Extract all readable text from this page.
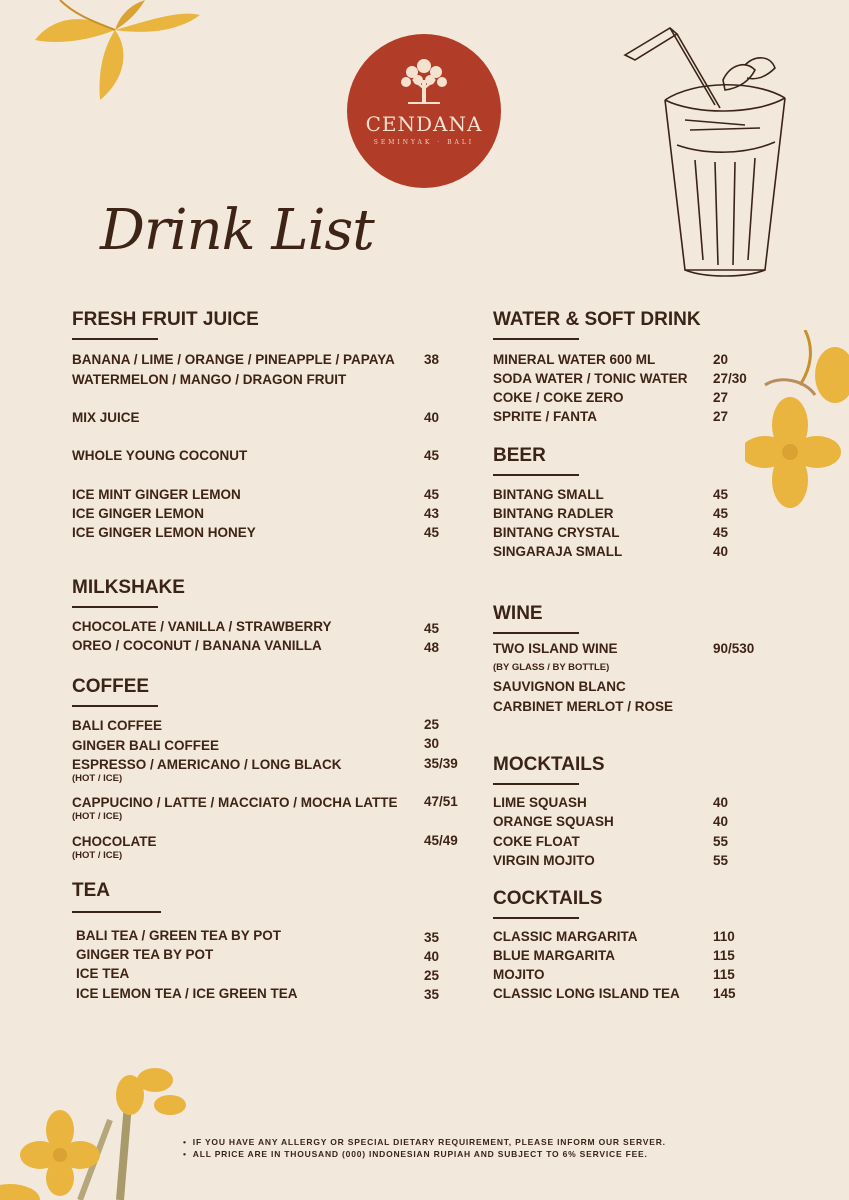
CENDANA
SEMINYAK · BALI
Drink List
FRESH FRUIT JUICE
BANANA / LIME / ORANGE / PINEAPPLE / PAPAYA 38
WATERMELON / MANGO / DRAGON FRUIT
MIX JUICE	40
WHOLE YOUNG COCONUT	45
ICE MINT GINGER LEMON	45
ICE GINGER LEMON	43
ICE GINGER LEMON HONEY	45
MILKSHAKE
CHOCOLATE / VANILLA / STRAWBERRY	45
OREO / COCONUT / BANANA VANILLA	48
COFFEE
BALI COFFEE	25
GINGER BALI COFFEE	30
ESPRESSO / AMERICANO / LONG BLACK	35/39
(HOT / ICE)
CAPPUCINO / LATTE / MACCIATO / MOCHA LATTE 47/51
(HOT / ICE)
CHOCOLATE	45/49
(HOT / ICE)
TEA
BALI TEA / GREEN TEA BY POT	35
GINGER TEA BY POT	40
ICE TEA	25
ICE LEMON TEA / ICE GREEN TEA	35
WATER & SOFT DRINK
MINERAL WATER 600 ML	20
SODA WATER / TONIC WATER 27/30
COKE / COKE ZERO	27
SPRITE / FANTA	27
BEER
BINTANG SMALL	45
BINTANG RADLER	45
BINTANG CRYSTAL	45
SINGARAJA SMALL	40
WINE
TWO ISLAND WINE	90/530
(BY GLASS / BY BOTTLE)
SAUVIGNON BLANC
CARBINET MERLOT / ROSE
MOCKTAILS
LIME SQUASH	40
ORANGE SQUASH	40
COKE FLOAT	55
VIRGIN MOJITO	55
COCKTAILS
CLASSIC MARGARITA	110
BLUE MARGARITA	115
MOJITO	115
CLASSIC LONG ISLAND TEA 145
• IF YOU HAVE ANY ALLERGY OR SPECIAL DIETARY REQUIREMENT, PLEASE INFORM OUR SERVER.
• ALL PRICE ARE IN THOUSAND (000) INDONESIAN RUPIAH AND SUBJECT TO 6% SERVICE FEE.
